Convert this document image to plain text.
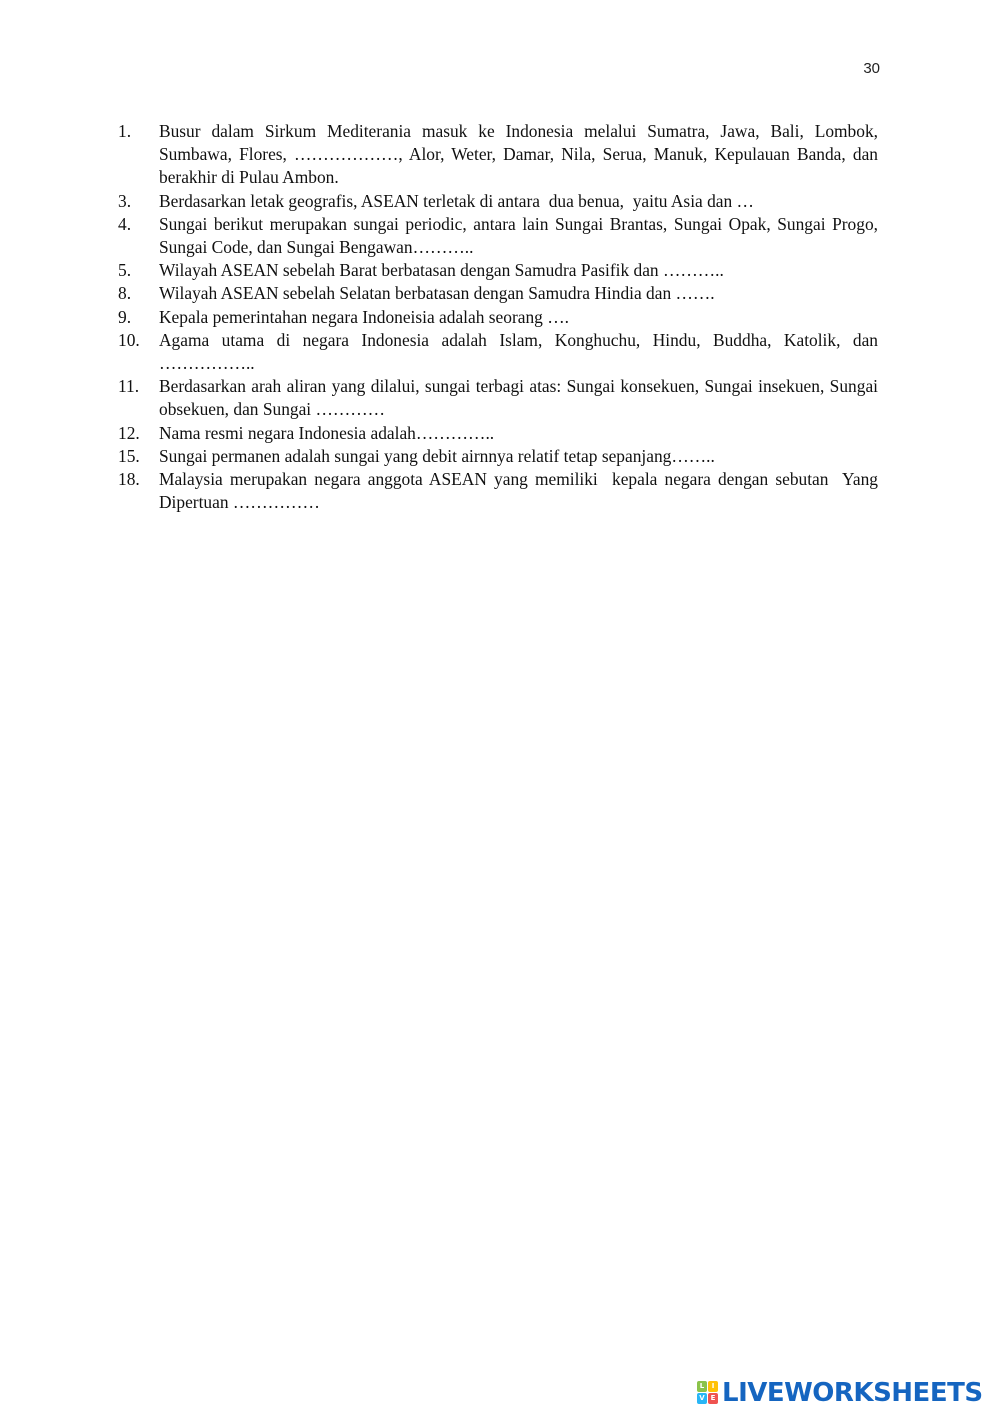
30
1.	Busur dalam Sirkum Mediterania masuk ke Indonesia melalui Sumatra, Jawa, Bali, Lombok, Sumbawa, Flores, ………………, Alor, Weter, Damar, Nila, Serua, Manuk, Kepulauan Banda, dan berakhir di Pulau Ambon.
3.	Berdasarkan letak geografis, ASEAN terletak di antara  dua benua,  yaitu Asia dan …
4.	Sungai berikut merupakan sungai periodic, antara lain Sungai Brantas, Sungai Opak, Sungai Progo, Sungai Code, dan Sungai Bengawan………..
5.	Wilayah ASEAN sebelah Barat berbatasan dengan Samudra Pasifik dan ………..
8.	Wilayah ASEAN sebelah Selatan berbatasan dengan Samudra Hindia dan …….
9.	Kepala pemerintahan negara Indoneisia adalah seorang ….
10.	Agama utama di negara Indonesia adalah Islam, Konghuchu, Hindu, Buddha, Katolik, dan ……………..
11.	Berdasarkan arah aliran yang dilalui, sungai terbagi atas: Sungai konsekuen, Sungai insekuen, Sungai obsekuen, dan Sungai …………
12.	Nama resmi negara Indonesia adalah…………..
15.	Sungai permanen adalah sungai yang debit airnnya relatif tetap sepanjang……..
18.	Malaysia merupakan negara anggota ASEAN yang memiliki  kepala negara dengan sebutan  Yang Dipertuan ……………
L	I
V E LIVEWORKSHEETS
